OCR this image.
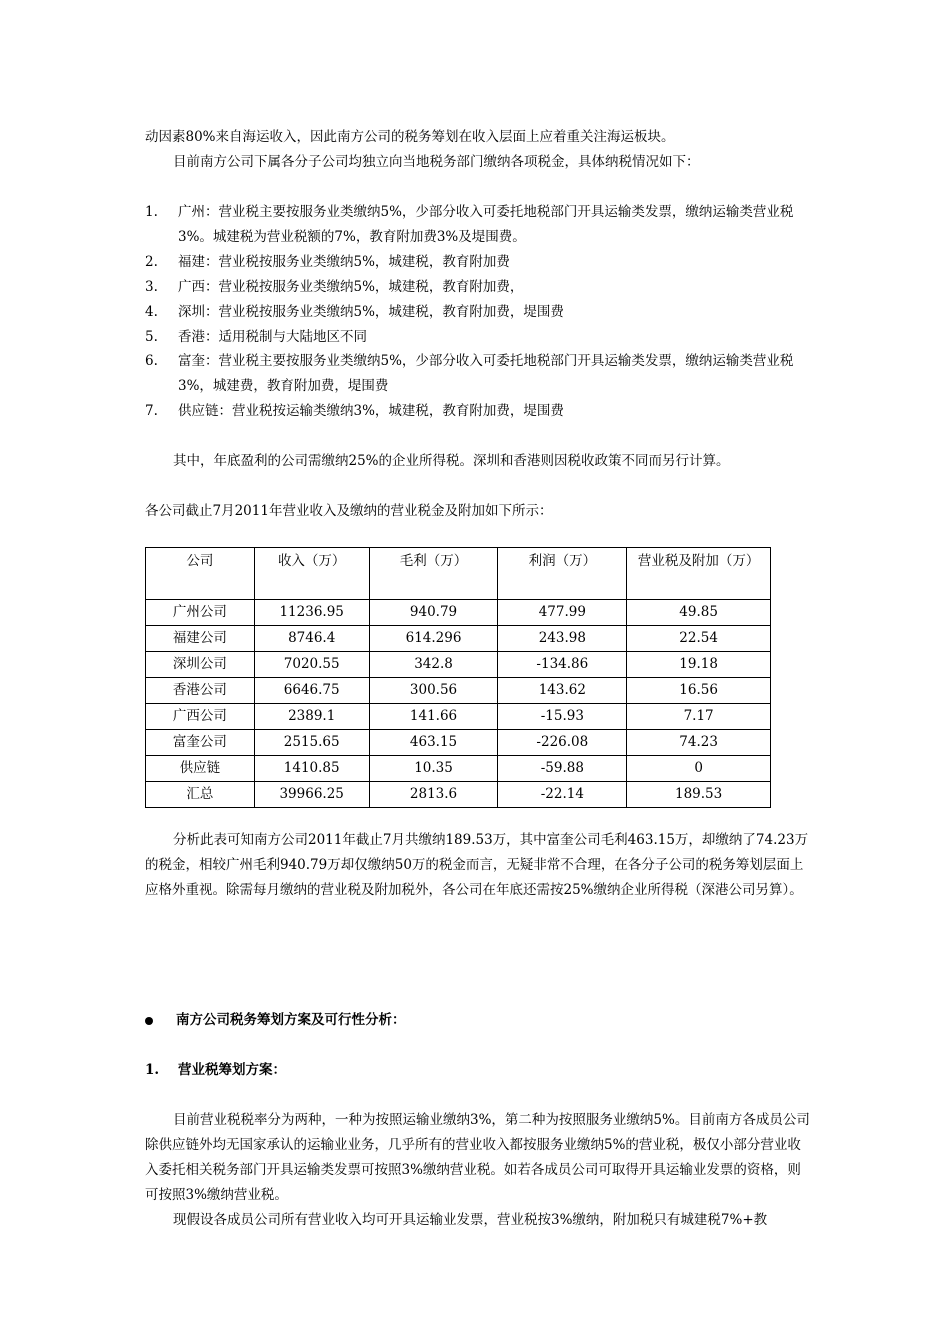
动因素80%来自海运收入，因此南方公司的税务筹划在收入层面上应着重关注海运板块。

目前南方公司下属各分子公司均独立向当地税务部门缴纳各项税金，具体纳税情况如下：

1.	广州：营业税主要按服务业类缴纳5%，少部分收入可委托地税部门开具运输类发票，缴纳运输类营业税3%。城建税为营业税额的7%，教育附加费3%及堤围费。
2.	福建：营业税按服务业类缴纳5%，城建税，教育附加费
3.	广西：营业税按服务业类缴纳5%，城建税，教育附加费，
4.	深圳：营业税按服务业类缴纳5%，城建税，教育附加费，堤围费
5.	香港：适用税制与大陆地区不同
6.	富奎：营业税主要按服务业类缴纳5%，少部分收入可委托地税部门开具运输类发票，缴纳运输类营业税3%，城建费，教育附加费，堤围费
7.	供应链：营业税按运输类缴纳3%，城建税，教育附加费，堤围费

其中，年底盈利的公司需缴纳25%的企业所得税。深圳和香港则因税收政策不同而另行计算。

各公司截止7月2011年营业收入及缴纳的营业税金及附加如下所示：

公司	收入（万）	毛利（万）	利润（万）	营业税及附加（万）
广州公司	11236.95	940.79	477.99	49.85
福建公司	8746.4	614.296	243.98	22.54
深圳公司	7020.55	342.8	-134.86	19.18
香港公司	6646.75	300.56	143.62	16.56
广西公司	2389.1	141.66	-15.93	7.17
富奎公司	2515.65	463.15	-226.08	74.23
供应链	1410.85	10.35	-59.88	0
汇总	39966.25	2813.6	-22.14	189.53

分析此表可知南方公司2011年截止7月共缴纳189.53万，其中富奎公司毛利463.15万，却缴纳了74.23万的税金，相较广州毛利940.79万却仅缴纳50万的税金而言，无疑非常不合理，在各分子公司的税务筹划层面上应格外重视。除需每月缴纳的营业税及附加税外，各公司在年底还需按25%缴纳企业所得税（深港公司另算）。

南方公司税务筹划方案及可行性分析：

1.	营业税筹划方案：

目前营业税税率分为两种，一种为按照运输业缴纳3%，第二种为按照服务业缴纳5%。目前南方各成员公司除供应链外均无国家承认的运输业业务，几乎所有的营业收入都按服务业缴纳5%的营业税，极仅小部分营业收入委托相关税务部门开具运输类发票可按照3%缴纳营业税。如若各成员公司可取得开具运输业发票的资格，则可按照3%缴纳营业税。

现假设各成员公司所有营业收入均可开具运输业发票，营业税按3%缴纳，附加税只有城建税7%+教
